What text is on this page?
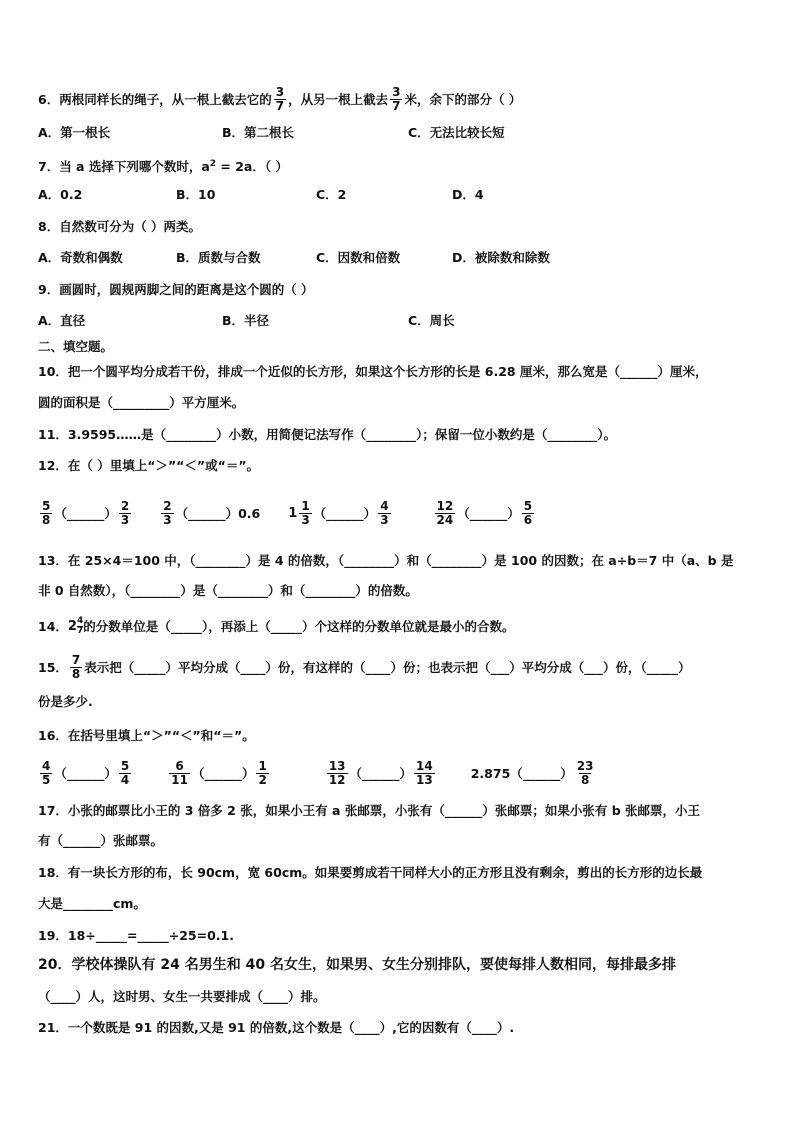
6． 两根同样长的绳子，从一根上截去它的 $\frac{3}{7}$ ，从另一根上截去 $\frac{3}{7}$ 米，余下的部分（ ）
A．第一根长	B．第二根长	C．无法比较长短
7．当 a 选择下列哪个数时，$a^2 = 2a$．（ ）
A．0.2	B．10	C．2	D．4
8．自然数可分为（ ）两类。
A．奇数和偶数	B．质数与合数	C．因数和倍数	D．被除数和除数
9．画圆时，圆规两脚之间的距离是这个圆的（ ）
A．直径	B．半径	C．周长
二、填空题。
10．把一个圆平均分成若干份，排成一个近似的长方形，如果这个长方形的长是 6.28 厘米，那么宽是（______）厘米，
圆的面积是（_________）平方厘米。
11．3.9595……是（________）小数，用简便记法写作（________）；保留一位小数约是（________）。
12．在（ ）里填上“＞”“＜”或“＝”。
$\frac{5}{8}$ （______） $\frac{2}{3}$	$\frac{2}{3}$ （______） 0.6 $1 \frac{1}{3}$ （______） $\frac{4}{3}$	$\frac{12}{24}$ （______） $\frac{5}{6}$
13．在 25×4＝100 中，（________）是 4 的倍数，（________）和（________）是 100 的因数；在 a÷b＝7 中（a、b 是
非 0 自然数），（________）是（________）和（________）的倍数。
14． 2 4
7 的分数单位是（_____），再添上（_____）个这样的分数单位就是最小的合数。
15． $\frac{7}{8}$ 表示把（_____）平均分成（____）份，有这样的（____）份；也表示把（___）平均分成（___）份，（_____）
份是多少.
16．在括号里填上“＞”“＜”和“＝”。
$\frac{4}{5}$ （______） $\frac{5}{4}$	$\frac{6}{11}$ （______） $\frac{1}{2}$	$\frac{13}{12}$ （______） $\frac{14}{13}$	2.875 （______） $\frac{23}{8}$
17．小张的邮票比小王的 3 倍多 2 张，如果小王有 a 张邮票，小张有（______）张邮票；如果小张有 b 张邮票，小王
有（______）张邮票。
18．有一块长方形的布，长 90cm，宽 60cm。如果要剪成若干同样大小的正方形且没有剩余，剪出的长方形的边长最
大是________cm。
19．18÷_____=_____÷25=0.1.
20．学校体操队有 24 名男生和 40 名女生，如果男、女生分别排队，要使每排人数相同，每排最多排
（____）人，这时男、女生一共要排成（____）排。
21．一个数既是 91 的因数,又是 91 的倍数,这个数是（____）,它的因数有（____）.
